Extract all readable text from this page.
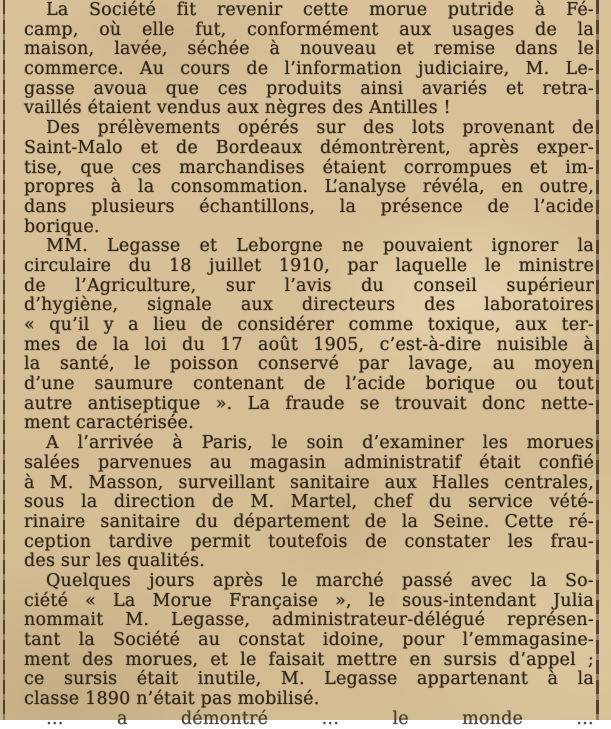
La Société fit revenir cette morue putride à Fé-
camp, où elle fut, conformément aux usages de la
maison, lavée, séchée à nouveau et remise dans le
commerce. Au cours de l’information judiciaire, M. Le-
gasse avoua que ces produits ainsi avariés et retra-
vaillés étaient vendus aux nègres des Antilles !

Des prélèvements opérés sur des lots provenant de
Saint-Malo et de Bordeaux démontrèrent, après exper-
tise, que ces marchandises étaient corrompues et im-
propres à la consommation. L’analyse révéla, en outre,
dans plusieurs échantillons, la présence de l’acide
borique.

MM. Legasse et Leborgne ne pouvaient ignorer la
circulaire du 18 juillet 1910, par laquelle le ministre
de l’Agriculture, sur l’avis du conseil supérieur
d’hygiène, signale aux directeurs des laboratoires
« qu’il y a lieu de considérer comme toxique, aux ter-
mes de la loi du 17 août 1905, c’est-à-dire nuisible à
la santé, le poisson conservé par lavage, au moyen
d’une saumure contenant de l’acide borique ou tout
autre antiseptique ». La fraude se trouvait donc nette-
ment caractérisée.

A l’arrivée à Paris, le soin d’examiner les morues
salées parvenues au magasin administratif était confié
à M. Masson, surveillant sanitaire aux Halles centrales,
sous la direction de M. Martel, chef du service vété-
rinaire sanitaire du département de la Seine. Cette ré-
ception tardive permit toutefois de constater les frau-
des sur les qualités.

Quelques jours après le marché passé avec la So-
ciété « La Morue Française », le sous-intendant Julia
nommait M. Legasse, administrateur-délégué représen-
tant la Société au constat idoine, pour l’emmagasine-
ment des morues, et le faisait mettre en sursis d’appel ;
ce sursis était inutile, M. Legasse appartenant à la
classe 1890 n’était pas mobilisé.

… a démontré … le monde …
